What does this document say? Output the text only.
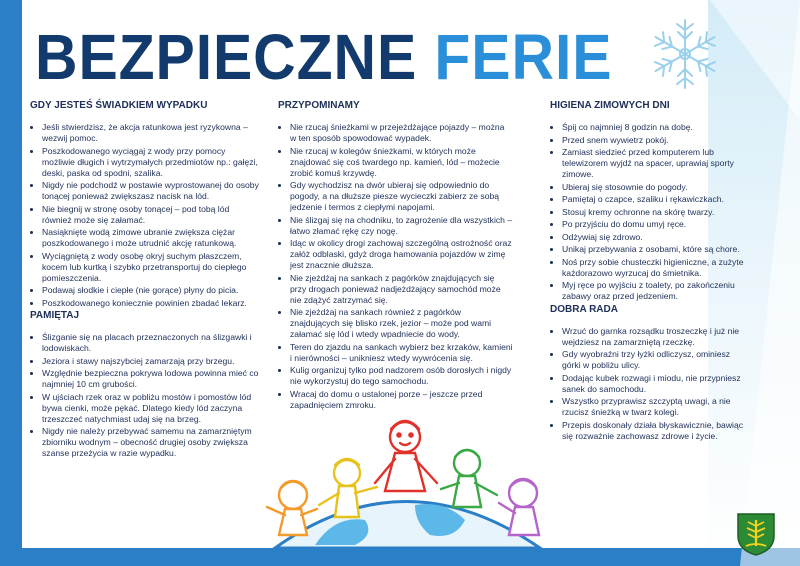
BEZPIECZNE FERIE
GDY JESTEŚ ŚWIADKIEM WYPADKU
• Jeśli stwierdzisz, że akcja ratunkowa jest ryzykowna – wezwij pomoc.
• Poszkodowanego wyciągaj z wody przy pomocy możliwie długich i wytrzymałych przedmiotów np.: gałęzi, deski, paska od spodni, szalika.
• Nigdy nie podchodź w postawie wyprostowanej do osoby tonącej ponieważ zwiększasz nacisk na lód.
• Nie biegnij w stronę osoby tonącej – pod tobą lód również może się załamać.
• Nasiąknięte wodą zimowe ubranie zwiększa ciężar poszkodowanego i może utrudnić akcję ratunkową.
• Wyciągniętą z wody osobę okryj suchym płaszczem, kocem lub kurtką i szybko przetransportuj do ciepłego pomieszczenia.
• Podawaj słodkie i ciepłe (nie gorące) płyny do picia.
• Poszkodowanego koniecznie powinien zbadać lekarz.
PAMIĘTAJ
• Ślizganie się na placach przeznaczonych na ślizgawki i lodowiskach.
• Jeziora i stawy najszybciej zamarzają przy brzegu.
• Względnie bezpieczna pokrywa lodowa powinna mieć co najmniej 10 cm grubości.
• W ujściach rzek oraz w pobliżu mostów i pomostów lód bywa cienki, może pękać. Dlatego kiedy lód zaczyna trzeszczeć natychmiast udaj się na brzeg.
• Nigdy nie należy przebywać samemu na zamarzniętym zbiorniku wodnym – obecność drugiej osoby zwiększa szanse przeżycia w razie wypadku.
PRZYPOMINAMY
• Nie rzucaj śnieżkami w przejeżdżające pojazdy – można w ten sposób spowodować wypadek.
• Nie rzucaj w kolegów śnieżkami, w których może znajdować się coś twardego np. kamień, lód – możecie zrobić komuś krzywdę.
• Gdy wychodzisz na dwór ubieraj się odpowiednio do pogody, a na dłuższe piesze wycieczki zabierz ze sobą jedzenie i termos z ciepłymi napojami.
• Nie ślizgaj się na chodniku, to zagrożenie dla wszystkich – łatwo złamać rękę czy nogę.
• Idąc w okolicy drogi zachowaj szczególną ostrożność oraz załóż odblaski, gdyż droga hamowania pojazdów w zimę jest znacznie dłuższa.
• Nie zjeżdżaj na sankach z pagórków znajdujących się przy drogach ponieważ nadjeżdżający samochód może nie zdążyć zatrzymać się.
• Nie zjeżdżaj na sankach również z pagórków znajdujących się blisko rzek, jezior – może pod wami załamać się lód i wtedy wpadniecie do wody.
• Teren do zjazdu na sankach wybierz bez krzaków, kamieni i nierówności – unikniesz wtedy wywrócenia się.
• Kulig organizuj tylko pod nadzorem osób dorosłych i nigdy nie wykorzystuj do tego samochodu.
• Wracaj do domu o ustalonej porze – jeszcze przed zapadnięciem zmroku.
HIGIENA ZIMOWYCH DNI
• Śpij co najmniej 8 godzin na dobę.
• Przed snem wywietrz pokój.
• Zamiast siedzieć przed komputerem lub telewizorem wyjdź na spacer, uprawiaj sporty zimowe.
• Ubieraj się stosownie do pogody.
• Pamiętaj o czapce, szaliku i rękawiczkach.
• Stosuj kremy ochronne na skórę twarzy.
• Po przyjściu do domu umyj ręce.
• Odżywiaj się zdrowo.
• Unikaj przebywania z osobami, które są chore.
• Noś przy sobie chusteczki higieniczne, a zużyte każdorazowo wyrzucaj do śmietnika.
• Myj ręce po wyjściu z toalety, po zakończeniu zabawy oraz przed jedzeniem.
DOBRA RADA
• Wrzuć do garnka rozsądku troszeczkę i już nie wejdziesz na zamarzniętą rzeczkę.
• Gdy wyobraźni trzy łyżki odliczysz, ominiesz górki w pobliżu ulicy.
• Dodając kubek rozwagi i miodu, nie przypniesz sanek do samochodu.
• Wszystko przyprawisz szczyptą uwagi, a nie rzucisz śnieżką w twarz kolegi.
• Przepis doskonały działa błyskawicznie, bawiąc się rozważnie zachowasz zdrowe i życie.
